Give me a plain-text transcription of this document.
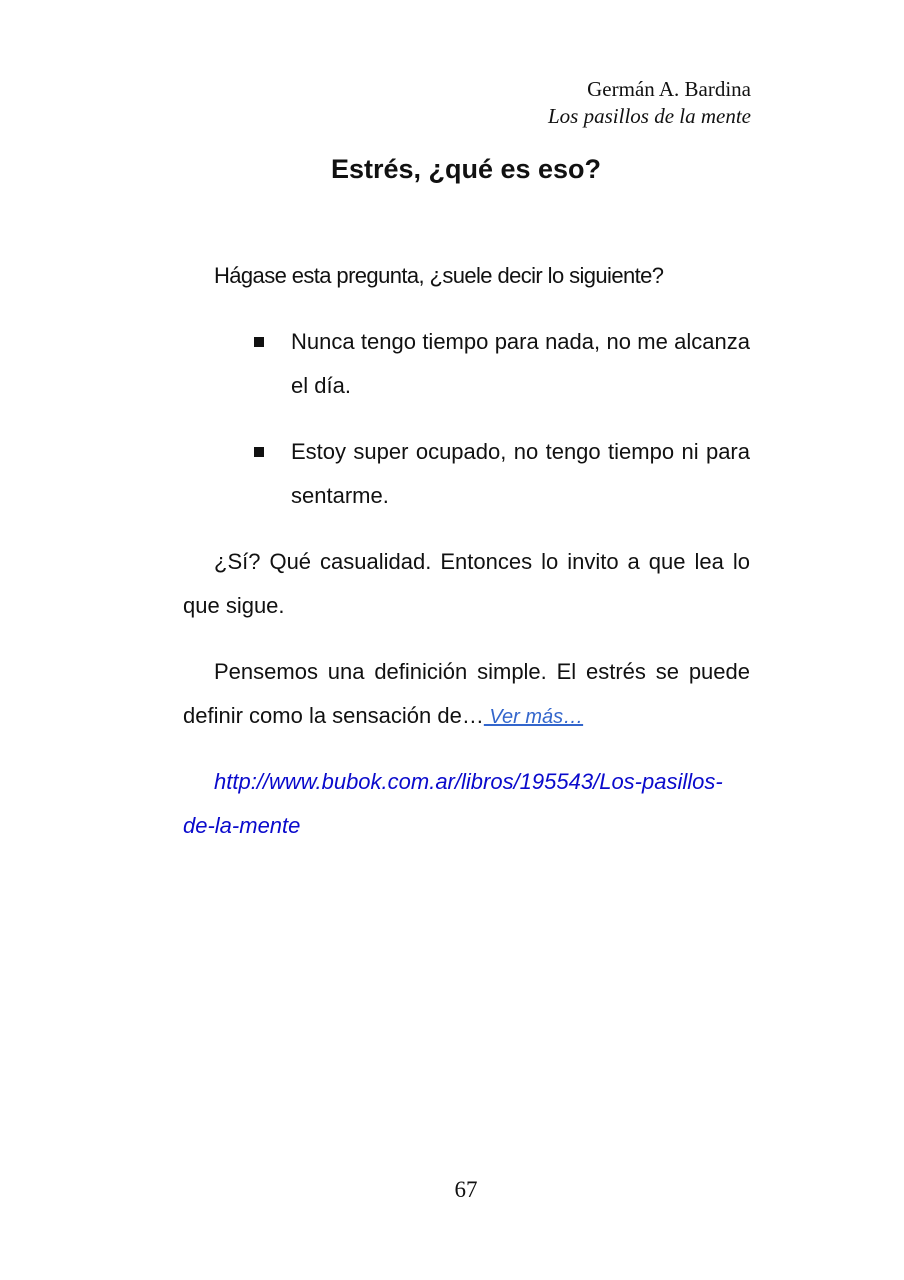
Germán A. Bardina
Los pasillos de la mente
Estrés, ¿qué es eso?
Hágase esta pregunta, ¿suele decir lo siguiente?
Nunca tengo tiempo para nada, no me alcanza el día.
Estoy super ocupado, no tengo tiempo ni para sentarme.
¿Sí? Qué casualidad. Entonces lo invito a que lea lo que sigue.
Pensemos una definición simple. El estrés se puede definir como la sensación de… Ver más…
http://www.bubok.com.ar/libros/195543/Los-pasillos-de-la-mente
67
